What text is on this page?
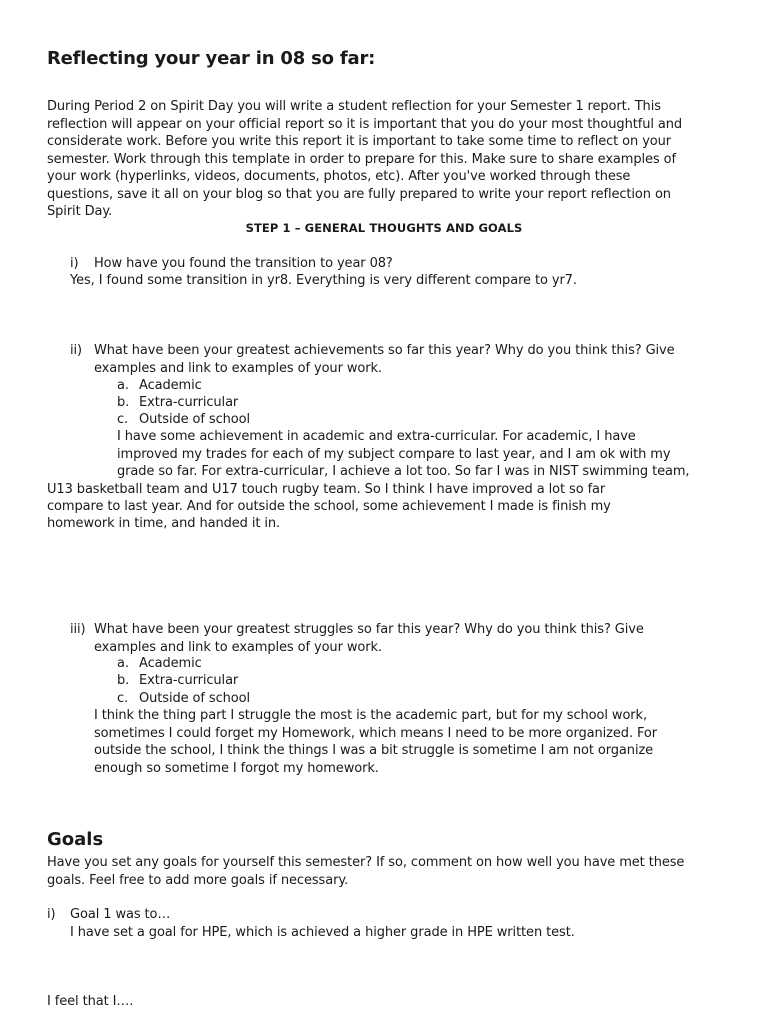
Reflecting your year in 08 so far:
During Period 2 on Spirit Day you will write a student reflection for your Semester 1 report. This
reflection will appear on your official report so it is important that you do your most thoughtful and
considerate work. Before you write this report it is important to take some time to reflect on your
semester. Work through this template in order to prepare for this. Make sure to share examples of
your work (hyperlinks, videos, documents, photos, etc). After you've worked through these
questions, save it all on your blog so that you are fully prepared to write your report reflection on
Spirit Day.
STEP 1 – GENERAL THOUGHTS AND GOALS
i) How have you found the transition to year 08?
Yes, I found some transition in yr8. Everything is very different compare to yr7.
ii) What have been your greatest achievements so far this year? Why do you think this? Give
examples and link to examples of your work.
a. Academic
b. Extra-curricular
c. Outside of school
I have some achievement in academic and extra-curricular. For academic, I have
improved my trades for each of my subject compare to last year, and I am ok with my
grade so far. For extra-curricular, I achieve a lot too. So far I was in NIST swimming team,
U13 basketball team and U17 touch rugby team. So I think I have improved a lot so far
compare to last year. And for outside the school, some achievement I made is finish my
homework in time, and handed it in.
iii) What have been your greatest struggles so far this year? Why do you think this? Give
examples and link to examples of your work.
a. Academic
b. Extra-curricular
c. Outside of school
I think the thing part I struggle the most is the academic part, but for my school work,
sometimes I could forget my Homework, which means I need to be more organized. For
outside the school, I think the things I was a bit struggle is sometime I am not organize
enough so sometime I forgot my homework.
Goals
Have you set any goals for yourself this semester? If so, comment on how well you have met these
goals. Feel free to add more goals if necessary.
i) Goal 1 was to…
I have set a goal for HPE, which is achieved a higher grade in HPE written test.
I feel that I….
